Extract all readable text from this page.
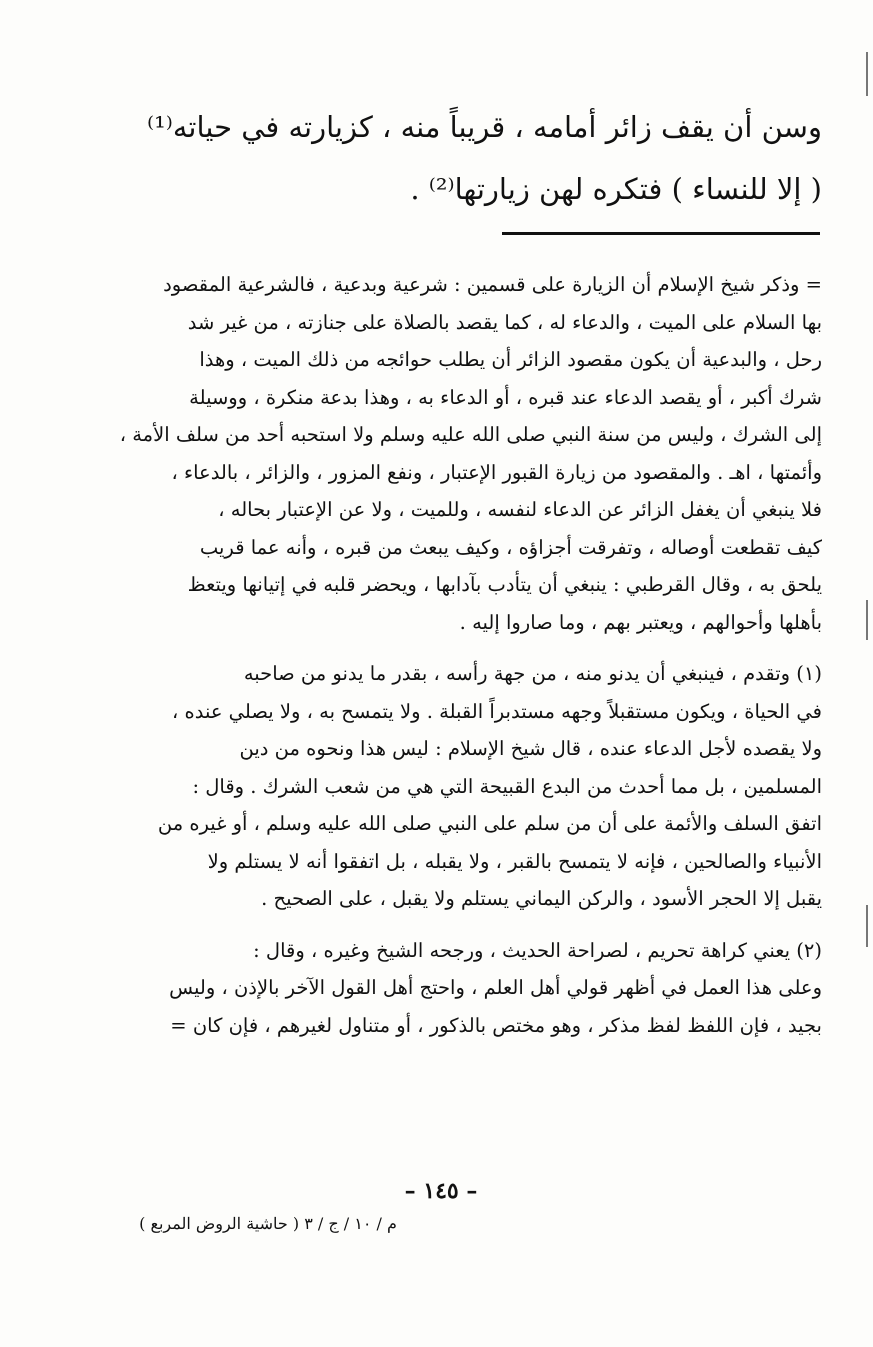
وسن أن يقف زائر أمامه ، قريباً منه ، كزيارته في حياته⁽¹⁾
( إلا للنساء ) فتكره لهن زيارتها⁽²⁾ .
= وذكر شيخ الإسلام أن الزيارة على قسمين : شرعية وبدعية ، فالشرعية المقصود
بها السلام على الميت ، والدعاء له ، كما يقصد بالصلاة على جنازته ، من غير شد
رحل ، والبدعية أن يكون مقصود الزائر أن يطلب حوائجه من ذلك الميت ، وهذا
شرك أكبر ، أو يقصد الدعاء عند قبره ، أو الدعاء به ، وهذا بدعة منكرة ، ووسيلة
إلى الشرك ، وليس من سنة النبي صلى الله عليه وسلم ولا استحبه أحد من سلف الأمة ،
وأئمتها ، اهـ . والمقصود من زيارة القبور الإعتبار ، ونفع المزور ، والزائر ، بالدعاء ،
فلا ينبغي أن يغفل الزائر عن الدعاء لنفسه ، وللميت ، ولا عن الإعتبار بحاله ،
كيف تقطعت أوصاله ، وتفرقت أجزاؤه ، وكيف يبعث من قبره ، وأنه عما قريب
يلحق به ، وقال القرطبي : ينبغي أن يتأدب بآدابها ، ويحضر قلبه في إتيانها ويتعظ
بأهلها وأحوالهم ، ويعتبر بهم ، وما صاروا إليه .
(١) وتقدم ، فينبغي أن يدنو منه ، من جهة رأسه ، بقدر ما يدنو من صاحبه
في الحياة ، ويكون مستقبلاً وجهه مستدبراً القبلة . ولا يتمسح به ، ولا يصلي عنده ،
ولا يقصده لأجل الدعاء عنده ، قال شيخ الإسلام : ليس هذا ونحوه من دين
المسلمين ، بل مما أحدث من البدع القبيحة التي هي من شعب الشرك . وقال :
اتفق السلف والأئمة على أن من سلم على النبي صلى الله عليه وسلم ، أو غيره من
الأنبياء والصالحين ، فإنه لا يتمسح بالقبر ، ولا يقبله ، بل اتفقوا أنه لا يستلم ولا
يقبل إلا الحجر الأسود ، والركن اليماني يستلم ولا يقبل ، على الصحيح .
(٢) يعني كراهة تحريم ، لصراحة الحديث ، ورجحه الشيخ وغيره ، وقال :
وعلى هذا العمل في أظهر قولي أهل العلم ، واحتج أهل القول الآخر بالإذن ، وليس
بجيد ، فإن اللفظ لفظ مذكر ، وهو مختص بالذكور ، أو متناول لغيرهم ، فإن كان =
– ١٤٥ –
م / ١٠ / ج / ٣ ( حاشية الروض المربع )
